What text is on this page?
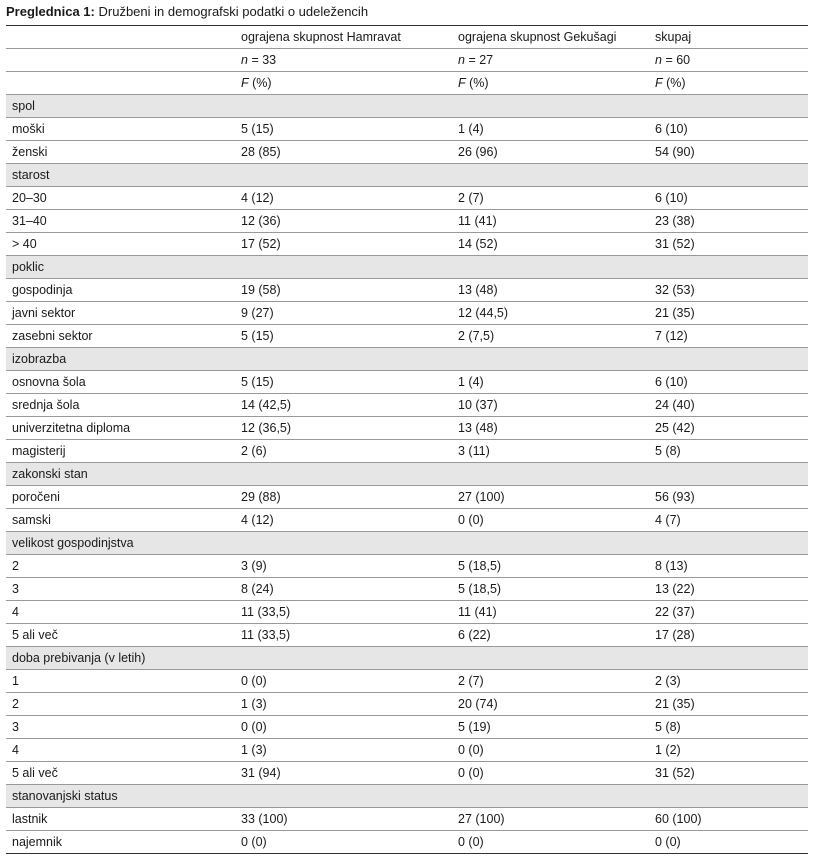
Preglednica 1: Družbeni in demografski podatki o udeležencih
	ograjena skupnost Hamravat	ograjena skupnost Gekušagi	skupaj
	n = 33	n = 27	n = 60
	F (%)	F (%)	F (%)
spol			
moški	5 (15)	1 (4)	6 (10)
ženski	28 (85)	26 (96)	54 (90)
starost			
20–30	4 (12)	2 (7)	6 (10)
31–40	12 (36)	11 (41)	23 (38)
> 40	17 (52)	14 (52)	31 (52)
poklic			
gospodinja	19 (58)	13 (48)	32 (53)
javni sektor	9 (27)	12 (44,5)	21 (35)
zasebni sektor	5 (15)	2 (7,5)	7 (12)
izobrazba			
osnovna šola	5 (15)	1 (4)	6 (10)
srednja šola	14 (42,5)	10 (37)	24 (40)
univerzitetna diploma	12 (36,5)	13 (48)	25 (42)
magisterij	2 (6)	3 (11)	5 (8)
zakonski stan			
poročeni	29 (88)	27 (100)	56 (93)
samski	4 (12)	0 (0)	4 (7)
velikost gospodinjstva			
2	3 (9)	5 (18,5)	8 (13)
3	8 (24)	5 (18,5)	13 (22)
4	11 (33,5)	11 (41)	22 (37)
5 ali več	11 (33,5)	6 (22)	17 (28)
doba prebivanja (v letih)			
1	0 (0)	2 (7)	2 (3)
2	1 (3)	20 (74)	21 (35)
3	0 (0)	5 (19)	5 (8)
4	1 (3)	0 (0)	1 (2)
5 ali več	31 (94)	0 (0)	31 (52)
stanovanjski status			
lastnik	33 (100)	27 (100)	60 (100)
najemnik	0 (0)	0 (0)	0 (0)
